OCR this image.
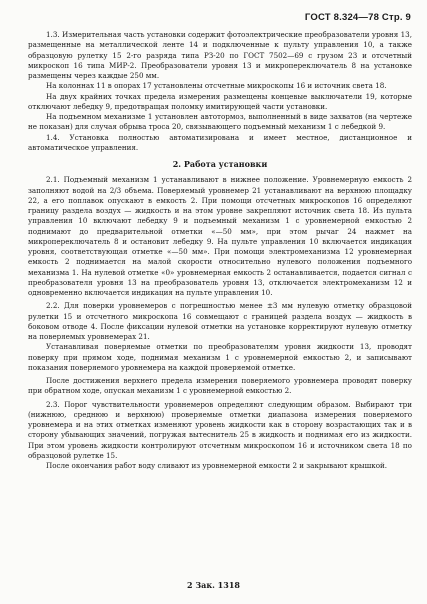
ГОСТ 8.324—78 Стр. 9

1.3. Измерительная часть установки содержит фотоэлектрические преобразователи уровня 13, размещенные на металлической ленте 14 и подключенные к пульту управления 10, а также образцовую рулетку 15 2-го разряда типа РЗ-20 по ГОСТ 7502—69 с грузом 23 и отсчетный микроскоп 16 типа МИР-2. Преобразователи уровня 13 и микропереключатель 8 на установке размещены через каждые 250 мм.

На колоннах 11 в опорах 17 установлены отсчетные микроскопы 16 и источник света 18.

На двух крайних точках предела измерения размещены концевые выключатели 19, которые отключают лебедку 9, предотвращая поломку имитирующей части установки.

На подъемном механизме 1 установлен автотормоз, выполненный в виде захватов (на чертеже не показан) для случая обрыва троса 20, связывающего подъемный механизм 1 с лебедкой 9.

1.4. Установка полностью автоматизирована и имеет местное, дистанционное и автоматическое управления.

2. Работа установки

2.1. Подъемный механизм 1 устанавливают в нижнее положение. Уровнемерную емкость 2 заполняют водой на 2/3 объема. Поверяемый уровнемер 21 устанавливают на верхнюю площадку 22, а его поплавок опускают в емкость 2. При помощи отсчетных микроскопов 16 определяют границу раздела воздух — жидкость и на этом уровне закрепляют источник света 18. Из пульта управления 10 включают лебедку 9 и подъемный механизм 1 с уровнемерной емкостью 2 поднимают до предварительной отметки «—50 мм», при этом рычаг 24 нажмет на микропереключатель 8 и остановит лебедку 9. На пульте управления 10 включается индикация уровня, соответствующая отметке «—50 мм». При помощи электромеханизма 12 уровнемерная емкость 2 поднимается на малой скорости относительно нулевого положения подъемного механизма 1. На нулевой отметке «0» уровнемерная емкость 2 останавливается, подается сигнал с преобразователя уровня 13 на преобразователь уровня 13, отключается электромеханизм 12 и одновременно включается индикация на пульте управления 10.

2.2. Для поверки уровнемеров с погрешностью менее ±3 мм нулевую отметку образцовой рулетки 15 и отсчетного микроскопа 16 совмещают с границей раздела воздух — жидкость в боковом отводе 4. После фиксации нулевой отметки на установке корректируют нулевую отметку на поверяемых уровнемерах 21.

Устанавливая поверяемые отметки по преобразователям уровня жидкости 13, проводят поверку при прямом ходе, поднимая механизм 1 с уровнемерной емкостью 2, и записывают показания поверяемого уровнемера на каждой проверяемой отметке.

После достижения верхнего предела измерения поверяемого уровнемера проводят поверку при обратном ходе, опуская механизм 1 с уровнемерной емкостью 2.

2.3. Порог чувствительности уровнемеров определяют следующим образом. Выбирают три (нижнюю, среднюю и верхнюю) проверяемые отметки диапазона измерения поверяемого уровнемера и на этих отметках изменяют уровень жидкости как в сторону возрастающих так и в сторону убывающих значений, погружая вытеснитель 25 в жидкость и поднимая его из жидкости. При этом уровень жидкости контролируют отсчетным микроскопом 16 и источником света 18 по образцовой рулетке 15.

После окончания работ воду сливают из уровнемерной емкости 2 и закрывают крышкой.

2 Зак. 1318
